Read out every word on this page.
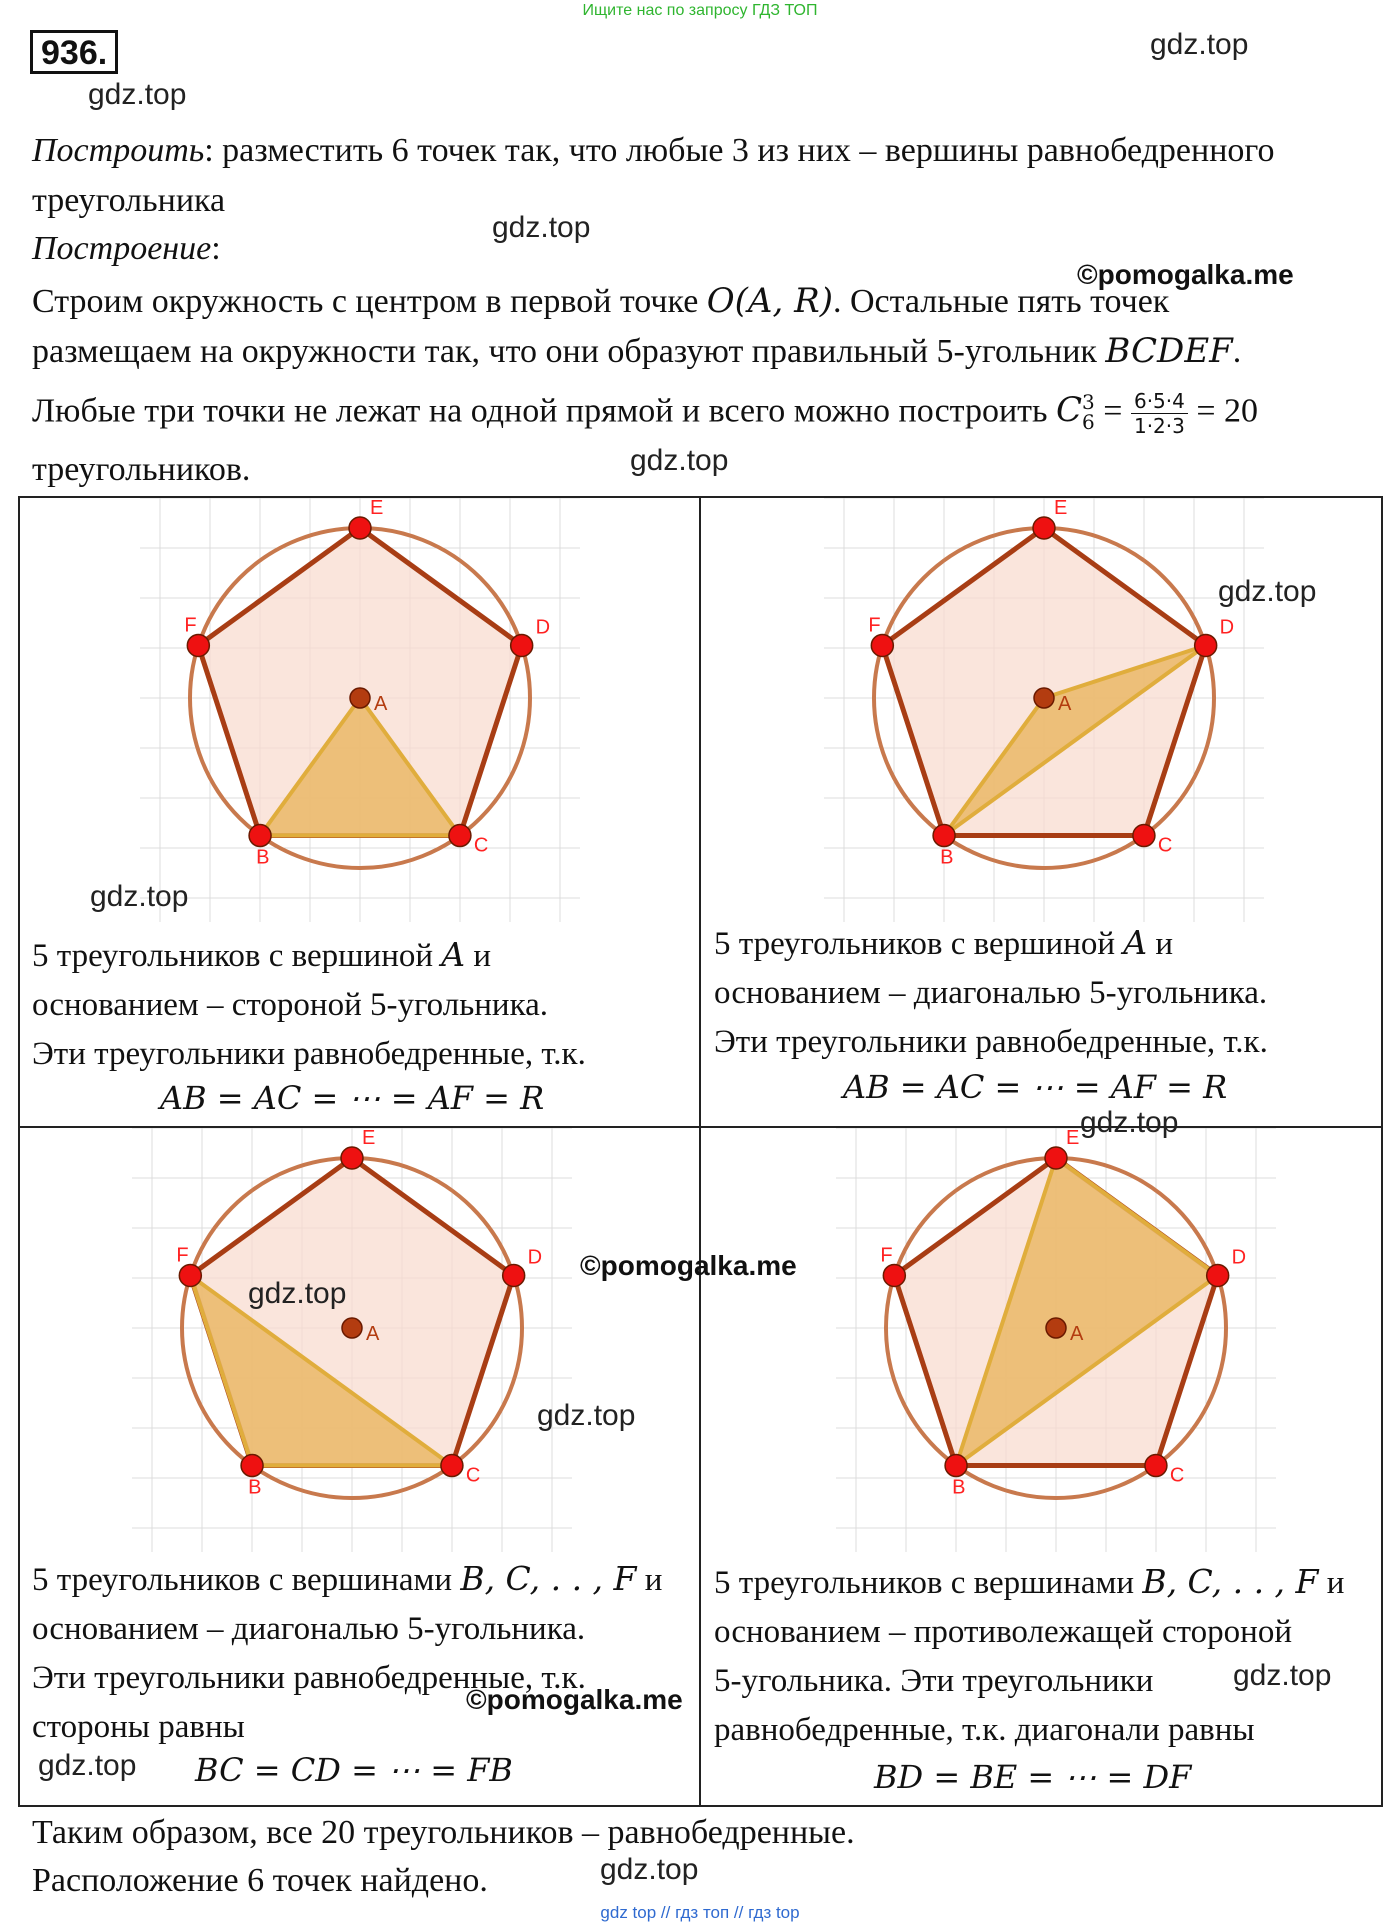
Ищите нас по запросу ГДЗ ТОП
936.	gdz.top
gdz.top
gdz.top
©pomogalka.me
gdz.top
Построить: разместить 6 точек так, что любые 3 из них – вершины равнобедренного
треугольника
Построение:
Строим окружность с центром в первой точке O(A, R). Остальные пять точек
размещаем на окружности так, что они образуют правильный 5-угольник BCDEF.
Любые три точки не лежат на одной прямой и всего можно построить C 3
$6 = \frac{6\cdot 5\cdot 4}{1\cdot 2\cdot 3} = 20$
треугольников.
A
B
C
D
E
F
A
B
C
D
E
F
A
B
C
D
E
F
A
B
C
D
E
F
5 треугольников с вершиной A и
основанием – стороной 5-угольника.
Эти треугольники равнобедренные, т.к.
AB = AC = ⋯ = AF = R
5 треугольников с вершиной A и
основанием – диагональю 5-угольника.
Эти треугольники равнобедренные, т.к.
AB = AC = ⋯ = AF = R
5 треугольников с вершинами B, C, . . , F и
основанием – диагональю 5-угольника.
Эти треугольники равнобедренные, т.к.
стороны равны
BC = CD = ⋯ = FB
5 треугольников с вершинами B, C, . . , F и
основанием – противолежащей стороной
5-угольника. Эти треугольники
равнобедренные, т.к. диагонали равны
BD = BE = ⋯ = DF
gdz.top
gdz.top
gdz.top
©pomogalka.me
gdz.top
gdz.top
gdz.top
©pomogalka.me
gdz.top
Таким образом, все 20 треугольников – равнобедренные.
Расположение 6 точек найдено.	gdz.top
gdz top // гдз топ // гдз top
